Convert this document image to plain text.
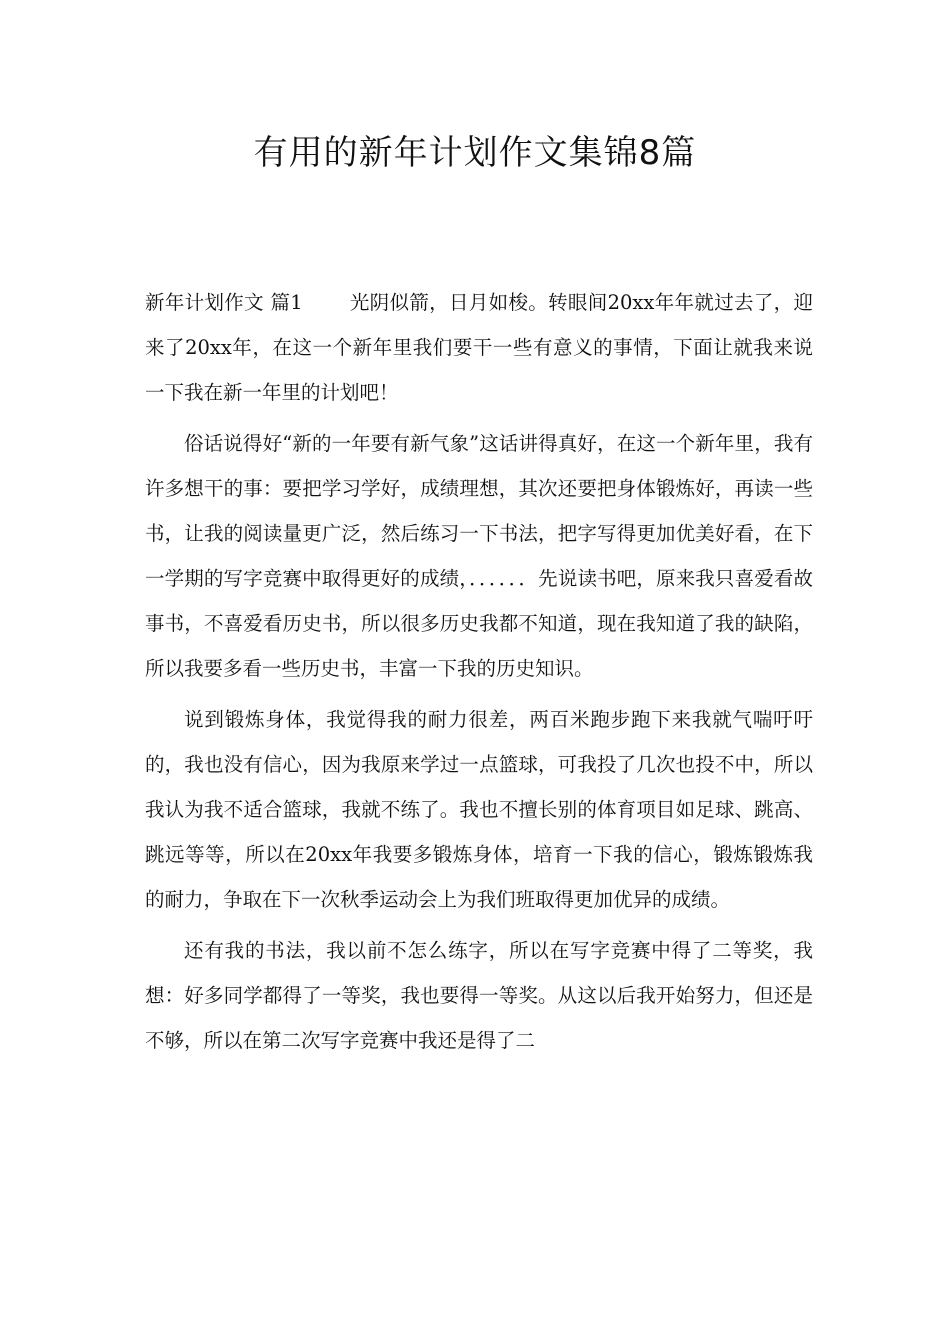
有用的新年计划作文集锦8篇

新年计划作文 篇1 光阴似箭，日月如梭。转眼间20xx年年就过去了，迎来了20xx年，在这一个新年里我们要干一些有意义的事情，下面让就我来说一下我在新一年里的计划吧！

俗话说得好“新的一年要有新气象”这话讲得真好，在这一个新年里，我有许多想干的事：要把学习学好，成绩理想，其次还要把身体锻炼好，再读一些书，让我的阅读量更广泛，然后练习一下书法，把字写得更加优美好看，在下一学期的写字竞赛中取得更好的成绩，．．．．．．先说读书吧，原来我只喜爱看故事书，不喜爱看历史书，所以很多历史我都不知道，现在我知道了我的缺陷，所以我要多看一些历史书，丰富一下我的历史知识。

说到锻炼身体，我觉得我的耐力很差，两百米跑步跑下来我就气喘吁吁的，我也没有信心，因为我原来学过一点篮球，可我投了几次也投不中，所以我认为我不适合篮球，我就不练了。我也不擅长别的体育项目如足球、跳高、跳远等等，所以在20xx年我要多锻炼身体，培育一下我的信心，锻炼锻炼我的耐力，争取在下一次秋季运动会上为我们班取得更加优异的成绩。

还有我的书法，我以前不怎么练字，所以在写字竞赛中得了二等奖，我想：好多同学都得了一等奖，我也要得一等奖。从这以后我开始努力，但还是不够，所以在第二次写字竞赛中我还是得了二
